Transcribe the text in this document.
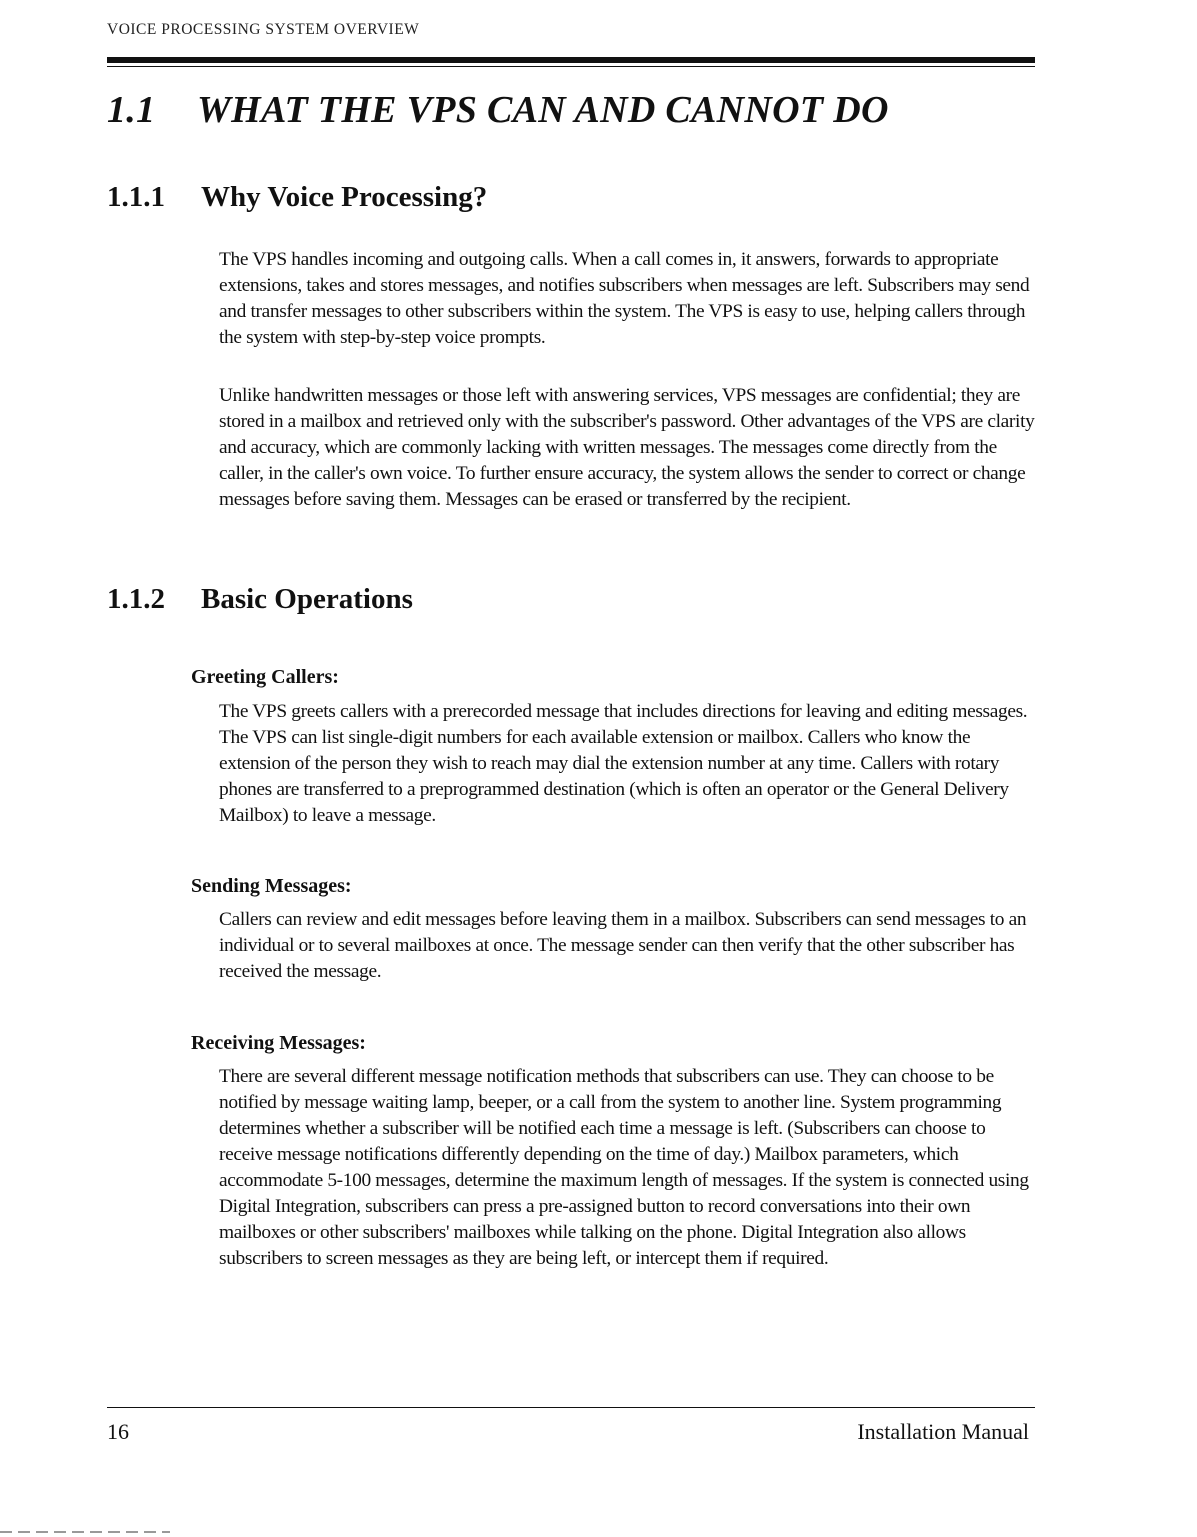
VOICE PROCESSING SYSTEM OVERVIEW
1.1 WHAT THE VPS CAN AND CANNOT DO
1.1.1 Why Voice Processing?

The VPS handles incoming and outgoing calls. When a call comes in, it answers, forwards to appropriate extensions, takes and stores messages, and notifies subscribers when messages are left. Subscribers may send and transfer messages to other subscribers within the system. The VPS is easy to use, helping callers through the system with step-by-step voice prompts.

Unlike handwritten messages or those left with answering services, VPS messages are confidential; they are stored in a mailbox and retrieved only with the subscriber's password. Other advantages of the VPS are clarity and accuracy, which are commonly lacking with written messages. The messages come directly from the caller, in the caller's own voice. To further ensure accuracy, the system allows the sender to correct or change messages before saving them. Messages can be erased or transferred by the recipient.

1.1.2 Basic Operations
Greeting Callers:

The VPS greets callers with a prerecorded message that includes directions for leaving and editing messages. The VPS can list single-digit numbers for each available extension or mailbox. Callers who know the extension of the person they wish to reach may dial the extension number at any time. Callers with rotary phones are transferred to a preprogrammed destination (which is often an operator or the General Delivery Mailbox) to leave a message.

Sending Messages:

Callers can review and edit messages before leaving them in a mailbox. Subscribers can send messages to an individual or to several mailboxes at once. The message sender can then verify that the other subscriber has received the message.

Receiving Messages:

There are several different message notification methods that subscribers can use. They can choose to be notified by message waiting lamp, beeper, or a call from the system to another line. System programming determines whether a subscriber will be notified each time a message is left. (Subscribers can choose to receive message notifications differently depending on the time of day.) Mailbox parameters, which accommodate 5-100 messages, determine the maximum length of messages. If the system is connected using Digital Integration, subscribers can press a pre-assigned button to record conversations into their own mailboxes or other subscribers' mailboxes while talking on the phone. Digital Integration also allows subscribers to screen messages as they are being left, or intercept them if required.

16	Installation Manual
